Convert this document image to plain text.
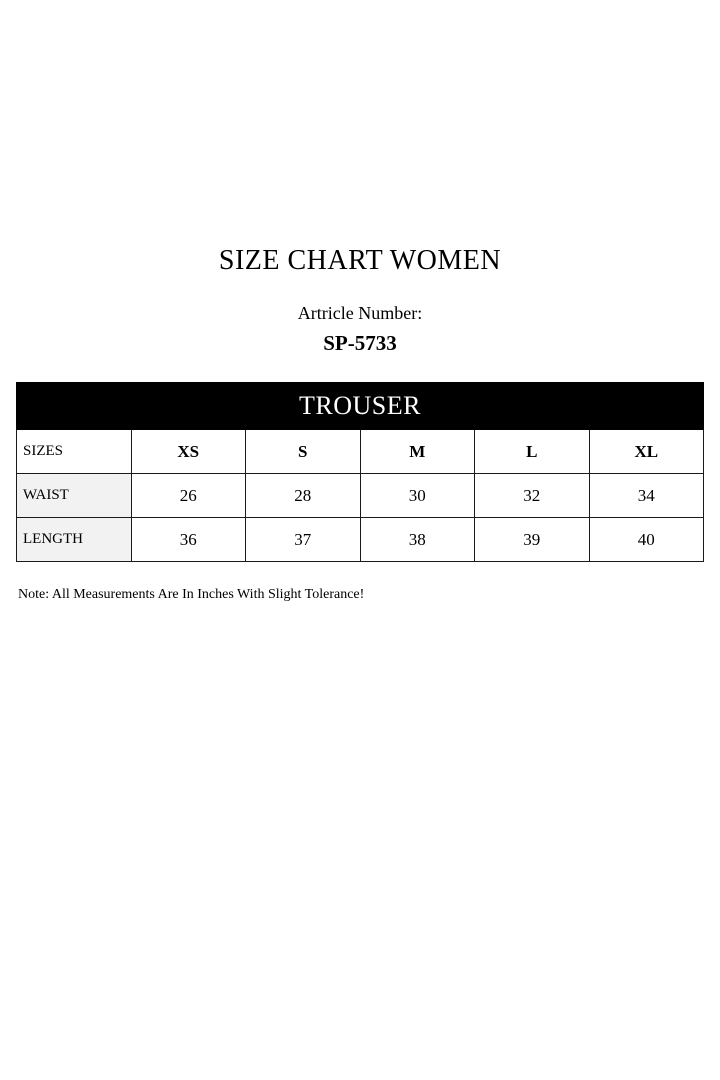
SIZE CHART WOMEN
Artricle Number:
SP-5733
TROUSER					
SIZES	XS	S	M	L	XL
WAIST	26	28	30	32	34
LENGTH	36	37	38	39	40
Note: All Measurements Are In Inches With Slight Tolerance!
